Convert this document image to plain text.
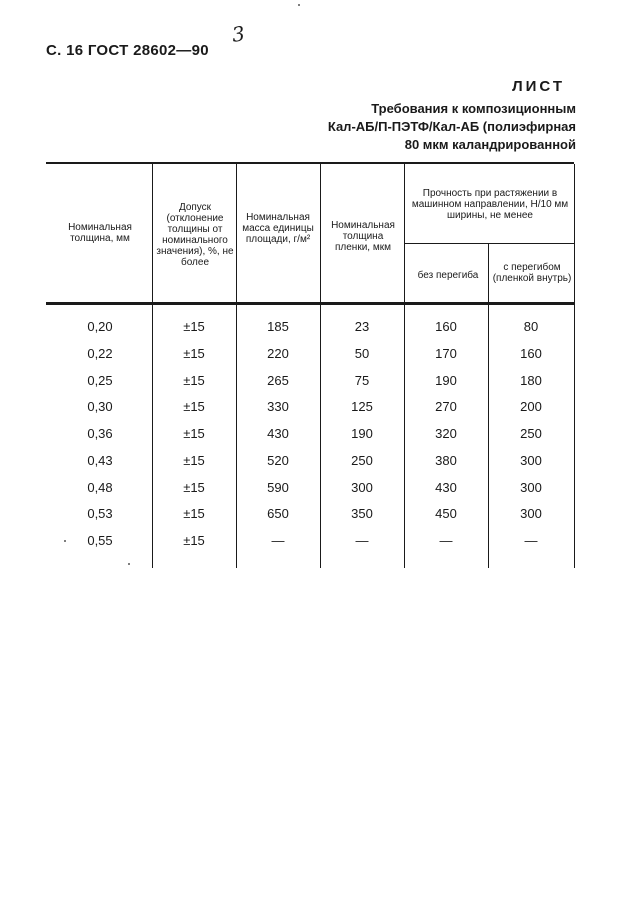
3
С. 16 ГОСТ 28602—90
ЛИСТ
Требования к композиционным
Кал-АБ/П-ПЭТФ/Кал-АБ (полиэфирная
80 мкм каландрированной
Номинальная толщина, мм
Допуск (отклонение толщины от номинального значения), %, не более
Номинальная масса единицы площади, г/м²
Номинальная толщина пленки, мкм
Прочность при растяжении в машинном направлении, Н/10 мм ширины, не менее
без перегиба
с перегибом (пленкой внутрь)
0,20	±15	185	23	160	80
0,22	±15	220	50	170	160
0,25	±15	265	75	190	180
0,30	±15	330	125	270	200
0,36	±15	430	190	320	250
0,43	±15	520	250	380	300
0,48	±15	590	300	430	300
0,53	±15	650	350	450	300
0,55	±15	—	—	—	—
